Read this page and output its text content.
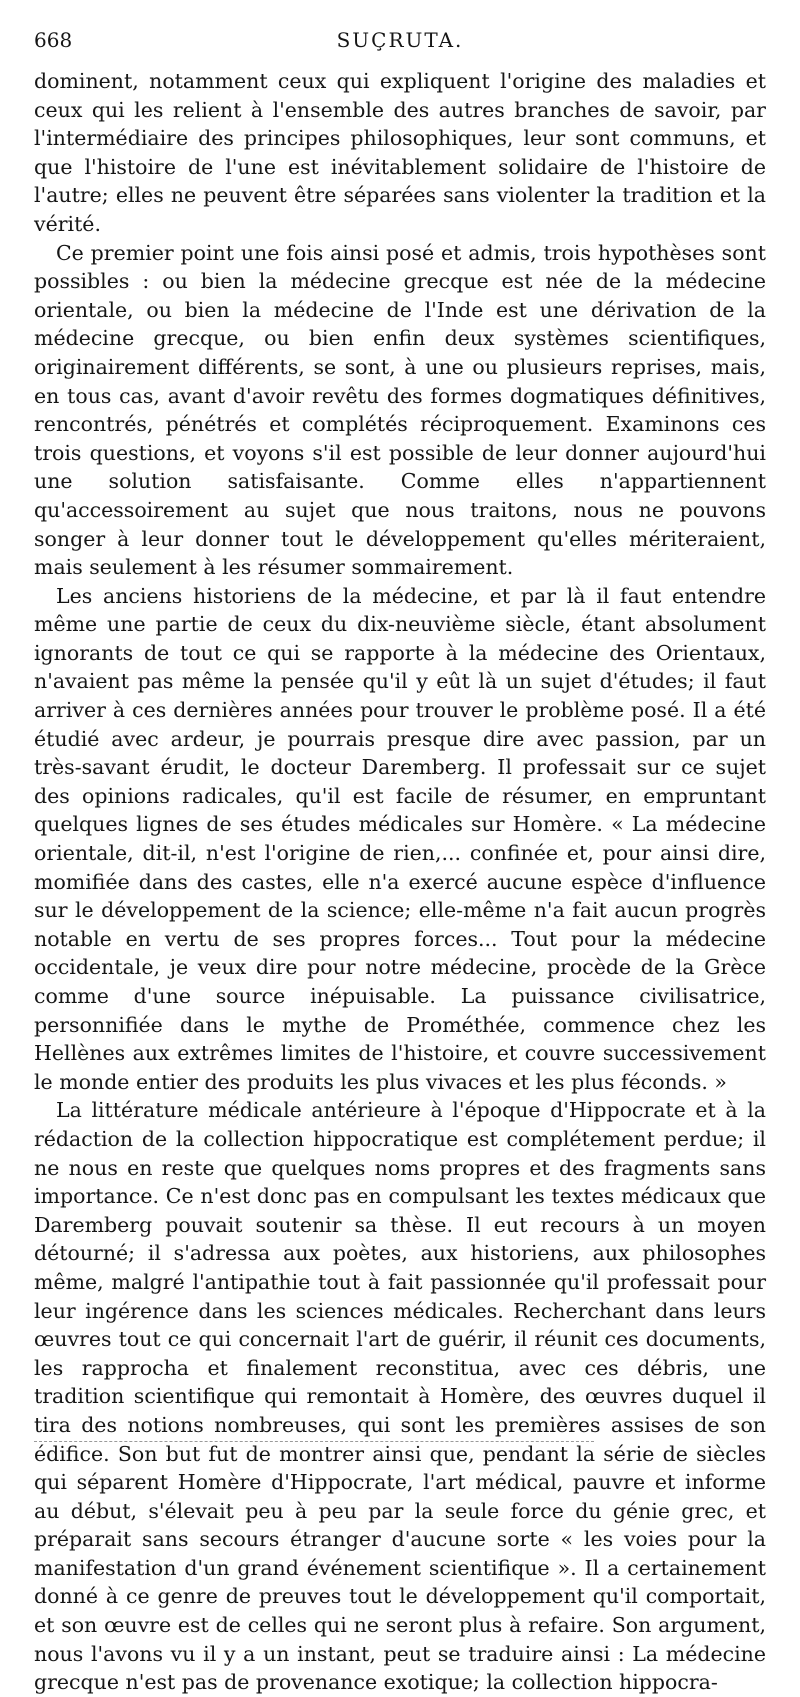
668	SUÇRUTA.

dominent, notamment ceux qui expliquent l'origine des maladies et ceux qui les relient à l'ensemble des autres branches de savoir, par l'intermédiaire des principes philosophiques, leur sont communs, et que l'histoire de l'une est inévitablement solidaire de l'histoire de l'autre; elles ne peuvent être séparées sans violenter la tradition et la vérité.

Ce premier point une fois ainsi posé et admis, trois hypothèses sont possibles : ou bien la médecine grecque est née de la médecine orientale, ou bien la médecine de l'Inde est une dérivation de la médecine grecque, ou bien enfin deux systèmes scientifiques, originairement différents, se sont, à une ou plusieurs reprises, mais, en tous cas, avant d'avoir revêtu des formes dogmatiques définitives, rencontrés, pénétrés et complétés réciproquement. Examinons ces trois questions, et voyons s'il est possible de leur donner aujourd'hui une solution satisfaisante. Comme elles n'appartiennent qu'accessoirement au sujet que nous traitons, nous ne pouvons songer à leur donner tout le développement qu'elles mériteraient, mais seulement à les résumer sommairement.

Les anciens historiens de la médecine, et par là il faut entendre même une partie de ceux du dix-neuvième siècle, étant absolument ignorants de tout ce qui se rapporte à la médecine des Orientaux, n'avaient pas même la pensée qu'il y eût là un sujet d'études; il faut arriver à ces dernières années pour trouver le problème posé. Il a été étudié avec ardeur, je pourrais presque dire avec passion, par un très-savant érudit, le docteur Daremberg. Il professait sur ce sujet des opinions radicales, qu'il est facile de résumer, en empruntant quelques lignes de ses études médicales sur Homère. « La médecine orientale, dit-il, n'est l'origine de rien,... confinée et, pour ainsi dire, momifiée dans des castes, elle n'a exercé aucune espèce d'influence sur le développement de la science; elle-même n'a fait aucun progrès notable en vertu de ses propres forces... Tout pour la médecine occidentale, je veux dire pour notre médecine, procède de la Grèce comme d'une source inépuisable. La puissance civilisatrice, personnifiée dans le mythe de Prométhée, commence chez les Hellènes aux extrêmes limites de l'histoire, et couvre successivement le monde entier des produits les plus vivaces et les plus féconds. »

La littérature médicale antérieure à l'époque d'Hippocrate et à la rédaction de la collection hippocratique est complétement perdue; il ne nous en reste que quelques noms propres et des fragments sans importance. Ce n'est donc pas en compulsant les textes médicaux que Daremberg pouvait soutenir sa thèse. Il eut recours à un moyen détourné; il s'adressa aux poètes, aux historiens, aux philosophes même, malgré l'antipathie tout à fait passionnée qu'il professait pour leur ingérence dans les sciences médicales. Recherchant dans leurs œuvres tout ce qui concernait l'art de guérir, il réunit ces documents, les rapprocha et finalement reconstitua, avec ces débris, une tradition scientifique qui remontait à Homère, des œuvres duquel il tira des notions nombreuses, qui sont les premières assises de son édifice. Son but fut de montrer ainsi que, pendant la série de siècles qui séparent Homère d'Hippocrate, l'art médical, pauvre et informe au début, s'élevait peu à peu par la seule force du génie grec, et préparait sans secours étranger d'aucune sorte « les voies pour la manifestation d'un grand événement scientifique ». Il a certainement donné à ce genre de preuves tout le développement qu'il comportait, et son œuvre est de celles qui ne seront plus à refaire. Son argument, nous l'avons vu il y a un instant, peut se traduire ainsi : La médecine grecque n'est pas de provenance exotique; la collection hippocra-
